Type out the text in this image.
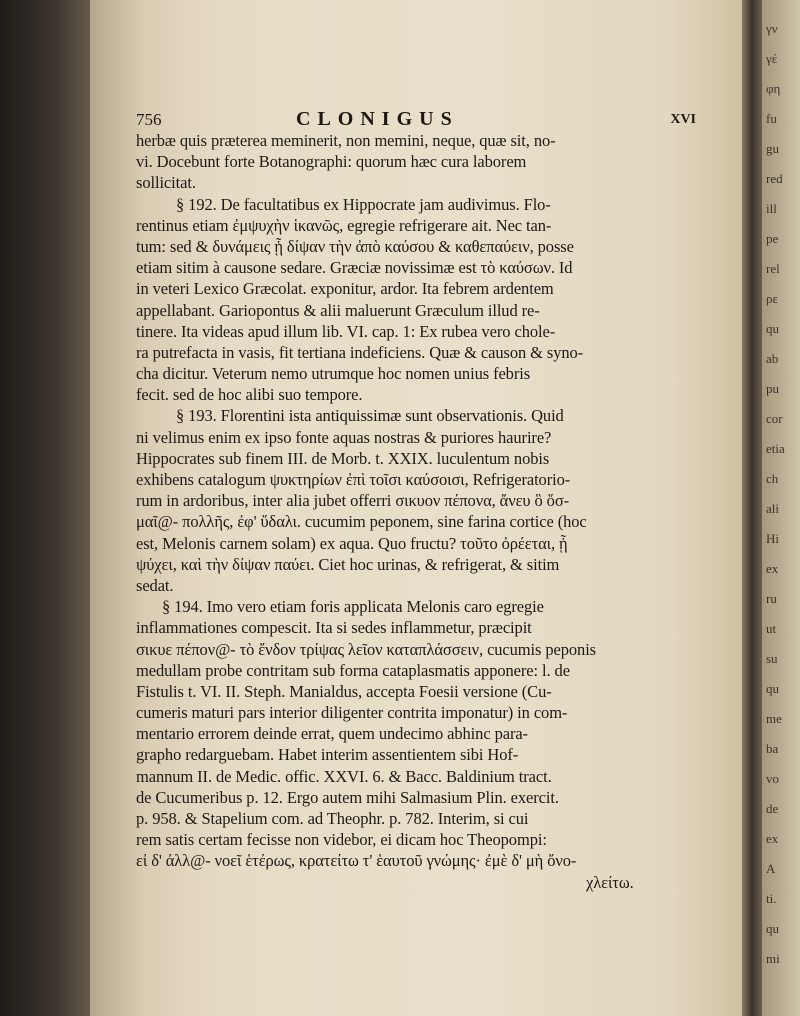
γν
γέ
φη
fu
gu
red
ill
pe
rel
ρε
qu
ab
pu
cor
etia
ch
ali
Hi
ex
ru
ut
su
qu
me
ba
vo
de
ex
A
ti.
qu
mi
756	CLONIGUS	XVI
herbæ quis præterea meminerit, non memini, neque, quæ sit, no-
vi. Docebunt forte Botanographi: quorum hæc cura laborem
sollicitat.
§ 192. De facultatibus ex Hippocrate jam audivimus. Flo-
rentinus etiam ἐμψυχὴν ἱκανῶς, egregie refrigerare ait. Nec tan-
tum: sed & δυνάμεις ᾗ δίψαν τὴν ἀπὸ καύσου & καθεπαύειν, posse
etiam sitim à causone sedare. Græciæ novissimæ est τὸ καύσων. Id
in veteri Lexico Græcolat. exponitur, ardor. Ita febrem ardentem
appellabant. Gariopontus & alii maluerunt Græculum illud re-
tinere. Ita videas apud illum lib. VI. cap. 1: Ex rubea vero chole-
ra putrefacta in vasis, fit tertiana indeficiens. Quæ & causon & syno-
cha dicitur. Veterum nemo utrumque hoc nomen unius febris
fecit. sed de hoc alibi suo tempore.
§ 193. Florentini ista antiquissimæ sunt observationis. Quid
ni velimus enim ex ipso fonte aquas nostras & puriores haurire?
Hippocrates sub finem III. de Morb. t. XXIX. luculentum nobis
exhibens catalogum ψυκτηρίων ἐπὶ τοῖσι καύσοισι, Refrigeratorio-
rum in ardoribus, inter alia jubet offerri σικυον πέπονα, ἄνευ ὃ ὅσ-
μαῖ@- πολλῆς, ἐφ' ὕδαλι. cucumim peponem, sine farina cortice (hoc
est, Melonis carnem solam) ex aqua. Quo fructu? τοῦτο ὀρέεται, ᾗ
ψύχει, καὶ τὴν δίψαν παύει. Ciet hoc urinas, & refrigerat, & sitim
sedat.
§ 194. Imo vero etiam foris applicata Melonis caro egregie
inflammationes compescit. Ita si sedes inflammetur, præcipit
σικυε πέπον@- τὸ ἔνδον τρίψας λεῖον καταπλάσσειν, cucumis peponis
medullam probe contritam sub forma cataplasmatis apponere: l. de
Fistulis t. VI. II. Steph. Manialdus, accepta Foesii versione (Cu-
cumeris maturi pars interior diligenter contrita imponatur) in com-
mentario errorem deinde errat, quem undecimo abhinc para-
grapho redarguebam. Habet interim assentientem sibi Hof-
mannum II. de Medic. offic. XXVI. 6. & Bacc. Baldinium tract.
de Cucumeribus p. 12. Ergo autem mihi Salmasium Plin. exercit.
p. 958. & Stapelium com. ad Theophr. p. 782. Interim, si cui
rem satis certam fecisse non videbor, ei dicam hoc Theopompi:
εἰ δ' ἀλλ@- νοεῖ ἑτέρως, κρατείτω τ' ἑαυτοῦ γνώμης· ἐμὲ δ' μὴ ὄνο-
χλείτω.
